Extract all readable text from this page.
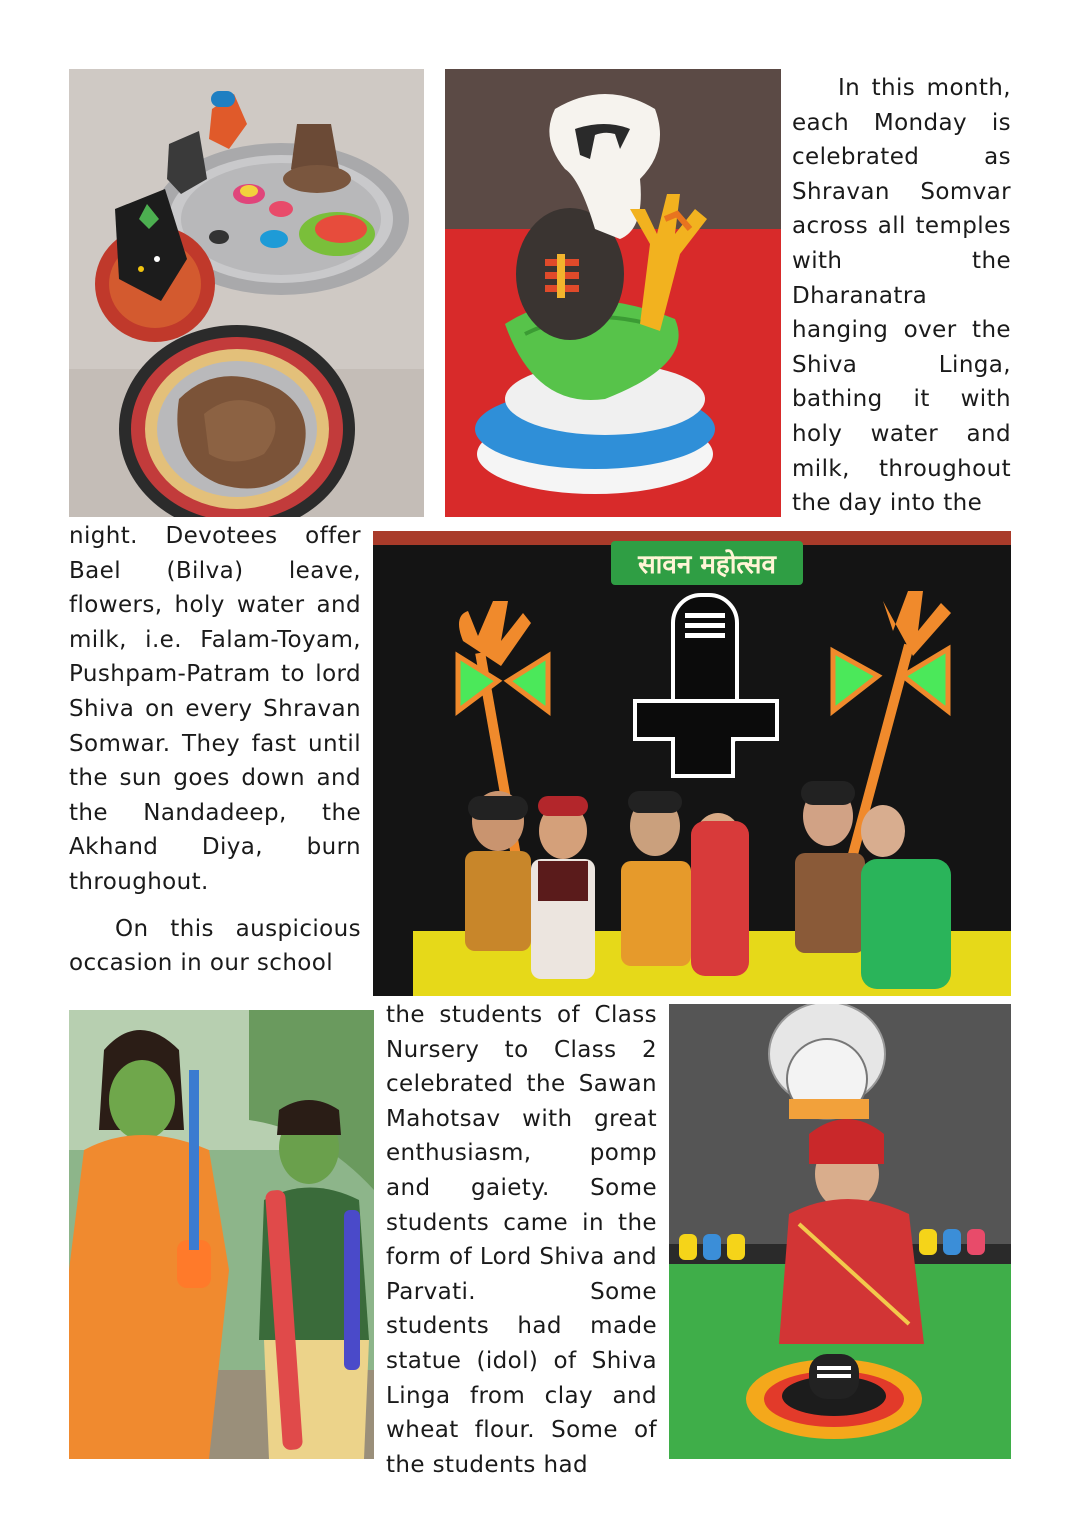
In this month, each Monday is celebrated as Shravan Somvar across all temples with the Dharanatra hanging over the Shiva Linga, bathing it with holy water and milk, throughout the day into the

night. Devotees offer Bael (Bilva) leave, flowers, holy water and milk, i.e. Falam-Toyam, Pushpam-Patram to lord Shiva on every Shravan Somwar. They fast until the sun goes down and the Nandadeep, the Akhand Diya, burn throughout.

On this auspicious occasion in our school

सावन महोत्सव

the students of Class Nursery to Class 2 celebrated the Sawan Mahotsav with great enthusiasm, pomp and gaiety. Some students came in the form of Lord Shiva and Parvati. Some students had made statue (idol) of Shiva Linga from clay and wheat flour. Some of the students had
